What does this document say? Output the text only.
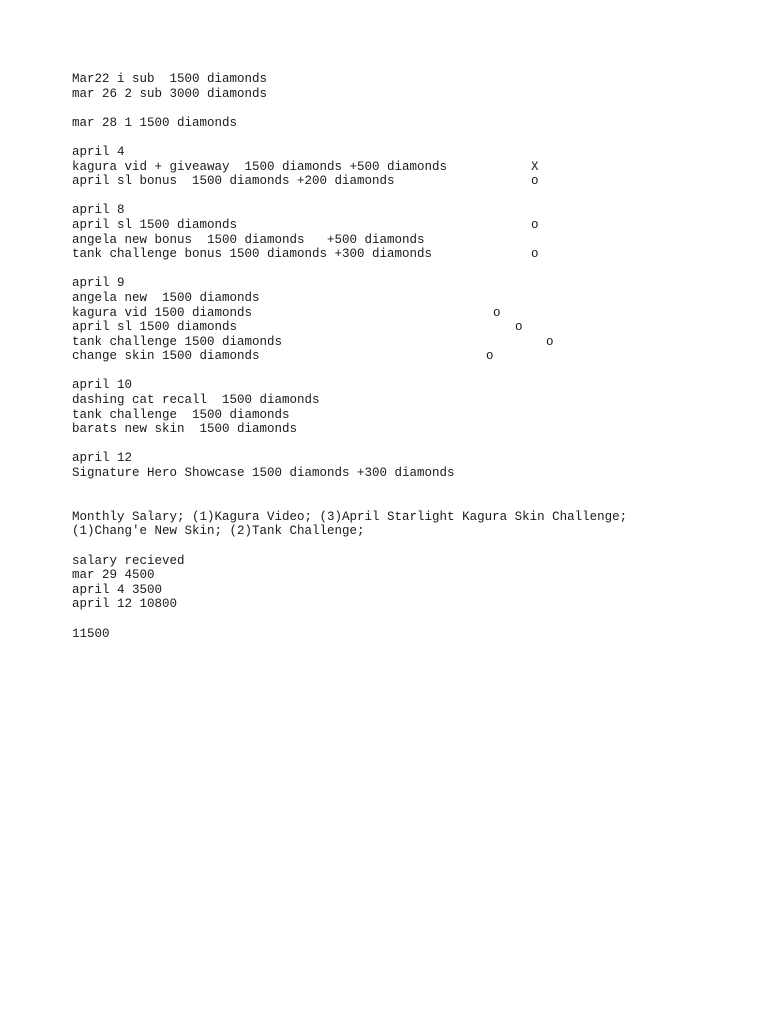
Mar22 i sub  1500 diamonds
mar 26 2 sub 3000 diamonds
mar 28 1 1500 diamonds
april 4
kagura vid + giveaway  1500 diamonds +500 diamonds	X
april sl bonus  1500 diamonds +200 diamonds	o
april 8
april sl 1500 diamonds	o
angela new bonus  1500 diamonds   +500 diamonds
tank challenge bonus 1500 diamonds +300 diamonds	o
april 9
angela new  1500 diamonds
kagura vid 1500 diamonds	o
april sl 1500 diamonds	o
tank challenge 1500 diamonds	o
change skin 1500 diamonds	o
april 10
dashing cat recall  1500 diamonds
tank challenge  1500 diamonds
barats new skin  1500 diamonds
april 12
Signature Hero Showcase 1500 diamonds +300 diamonds
Monthly Salary; (1)Kagura Video; (3)April Starlight Kagura Skin Challenge;
(1)Chang'e New Skin; (2)Tank Challenge;
salary recieved
mar 29 4500
april 4 3500
april 12 10800
11500
